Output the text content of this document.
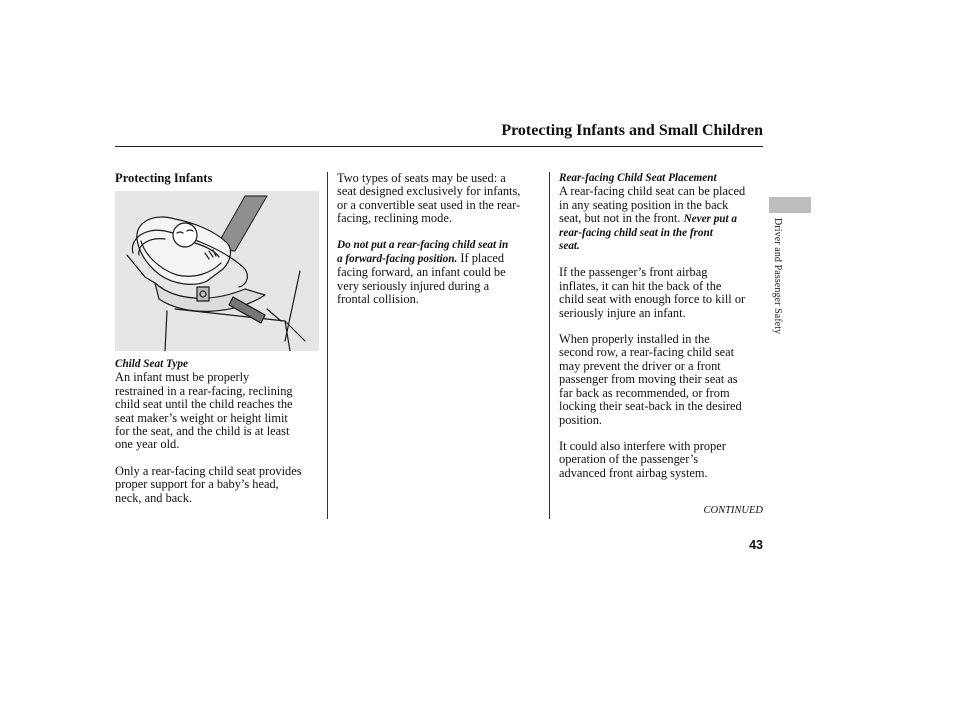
Protecting Infants and Small Children

Protecting Infants

Child Seat Type

An infant must be properly
restrained in a rear-facing, reclining
child seat until the child reaches the
seat maker’s weight or height limit
for the seat, and the child is at least
one year old.

Only a rear-facing child seat provides
proper support for a baby’s head,
neck, and back.

Two types of seats may be used: a
seat designed exclusively for infants,
or a convertible seat used in the rear-
facing, reclining mode.

Do not put a rear-facing child seat in
a forward-facing position. If placed
facing forward, an infant could be
very seriously injured during a
frontal collision.

Rear-facing Child Seat Placement

A rear-facing child seat can be placed
in any seating position in the back
seat, but not in the front. Never put a
rear-facing child seat in the front
seat.

If the passenger’s front airbag
inflates, it can hit the back of the
child seat with enough force to kill or
seriously injure an infant.

When properly installed in the
second row, a rear-facing child seat
may prevent the driver or a front
passenger from moving their seat as
far back as recommended, or from
locking their seat-back in the desired
position.

It could also interfere with proper
operation of the passenger’s
advanced front airbag system.

Driver and Passenger Safety
CONTINUED
43
